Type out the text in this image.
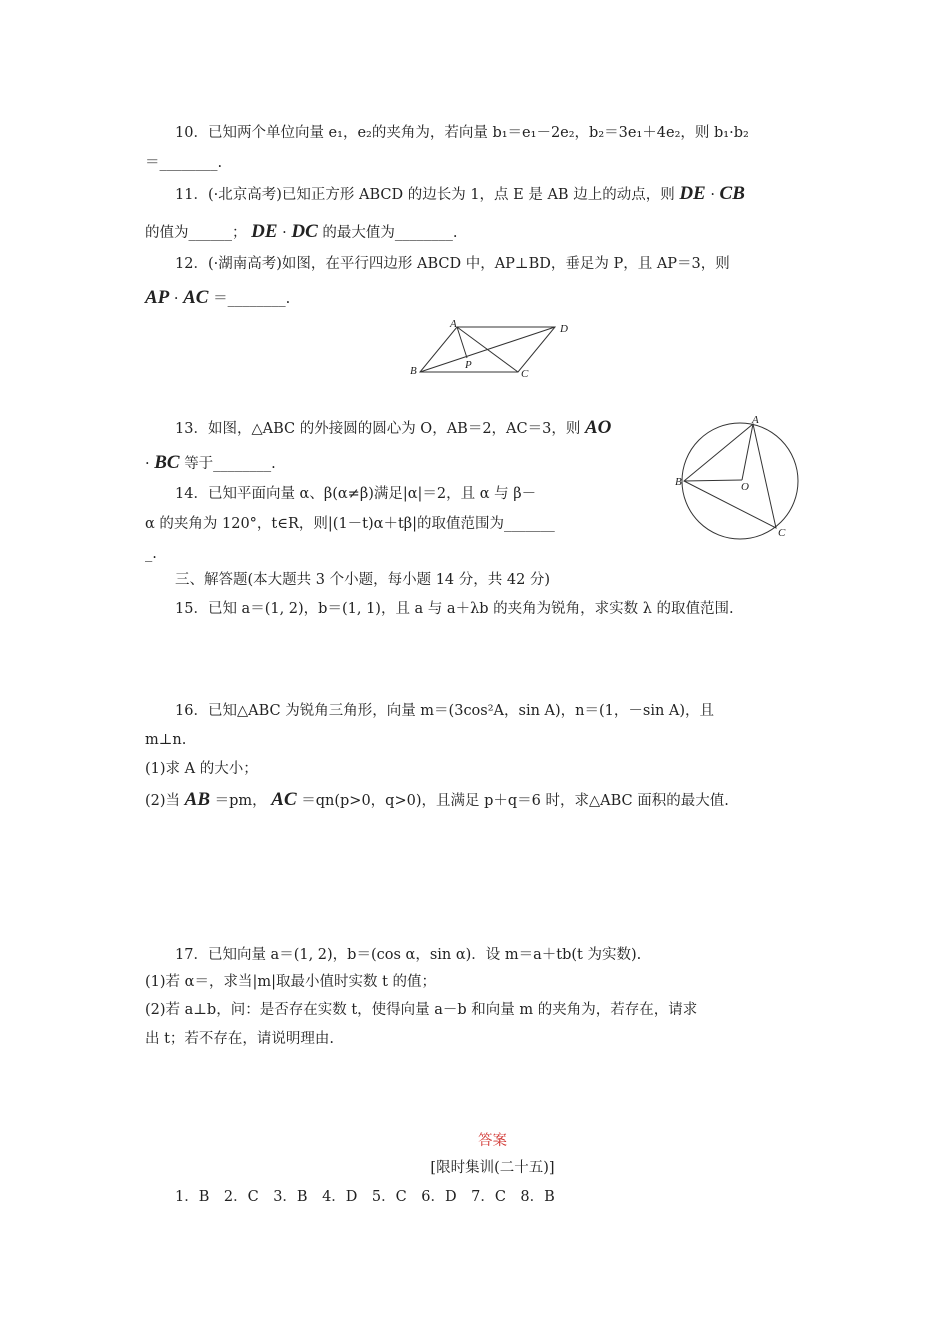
10．已知两个单位向量 e₁，e₂的夹角为，若向量 b₁＝e₁－2e₂，b₂＝3e₁＋4e₂，则 b₁·b₂
＝________.
11．(·北京高考)已知正方形 ABCD 的边长为 1，点 E 是 AB 边上的动点，则 DE · CB
的值为______； DE · DC 的最大值为________.
12．(·湖南高考)如图，在平行四边形 ABCD 中，AP⊥BD，垂足为 P，且 AP＝3，则
AP · AC ＝________.
A	D
B	C
P
13．如图，△ABC 的外接圆的圆心为 O，AB＝2，AC＝3，则 AO
· BC 等于________.
A
B
C
O
14．已知平面向量 α、β(α≠β)满足|α|＝2，且 α 与 β－
α 的夹角为 120°，t∈R，则|(1－t)α＋tβ|的取值范围为_______
_.
三、解答题(本大题共 3 个小题，每小题 14 分，共 42 分)
15．已知 a＝(1, 2)，b＝(1, 1)，且 a 与 a＋λb 的夹角为锐角，求实数 λ 的取值范围.
16．已知△ABC 为锐角三角形，向量 m＝(3cos²A，sin A)，n＝(1，－sin A)，且
m⊥n.
(1)求 A 的大小；
(2)当 AB ＝pm， AC ＝qn(p>0，q>0)，且满足 p＋q＝6 时，求△ABC 面积的最大值.
17．已知向量 a＝(1, 2)，b＝(cos α，sin α)．设 m＝a＋tb(t 为实数).
(1)若 α＝，求当|m|取最小值时实数 t 的值；
(2)若 a⊥b，问：是否存在实数 t，使得向量 a－b 和向量 m 的夹角为，若存在，请求
出 t；若不存在，请说明理由.
答案
[限时集训(二十五)]
1．B　2．C　3．B　4．D　5．C　6．D　7．C　8．B
